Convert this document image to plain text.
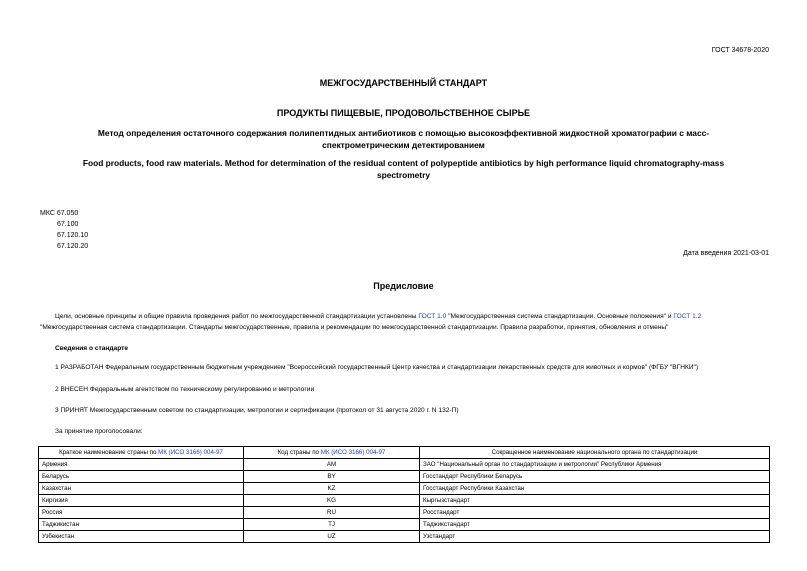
ГОСТ 34678-2020
МЕЖГОСУДАРСТВЕННЫЙ СТАНДАРТ
ПРОДУКТЫ ПИЩЕВЫЕ, ПРОДОВОЛЬСТВЕННОЕ СЫРЬЕ
Метод определения остаточного содержания полипептидных антибиотиков с помощью высокоэффективной жидкостной хроматографии с масс-
спектрометрическим детектированием
Food products, food raw materials. Method for determination of the residual content of polypeptide antibiotics by high performance liquid chromatography-mass
spectrometry
МКС 67.050
67.100
67.120.10
67.120.20
Дата введения 2021-03-01
Предисловие
Цели, основные принципы и общие правила проведения работ по межгосударственной стандартизации установлены ГОСТ 1.0 "Межгосударственная система стандартизации. Основные положения" и ГОСТ 1.2
"Межгосударственная система стандартизации. Стандарты межгосударственные, правила и рекомендации по межгосударственной стандартизации. Правила разработки, принятия, обновления и отмены"
Сведения о стандарте
1 РАЗРАБОТАН Федеральным государственным бюджетным учреждением "Всероссийский государственный Центр качества и стандартизации лекарственных средств для животных и кормов" (ФГБУ "ВГНКИ")
2 ВНЕСЕН Федеральным агентством по техническому регулированию и метрологии
3 ПРИНЯТ Межгосударственным советом по стандартизации, метрологии и сертификации (протокол от 31 августа 2020 г. N 132-П)
За принятие проголосовали:
Краткое наименование страны по МК (ИСО 3166) 004-97	Код страны по МК (ИСО 3166) 004-97	Сокращенное наименование национального органа по стандартизации
Армения	AM	ЗАО "Национальный орган по стандартизации и метрологии" Республики Армения
Беларусь	BY	Госстандарт Республики Беларусь
Казахстан	KZ	Госстандарт Республики Казахстан
Киргизия	KG	Кыргызстандарт
Россия	RU	Росстандарт
Таджикистан	TJ	Таджикстандарт
Узбекистан	UZ	Узстандарт
